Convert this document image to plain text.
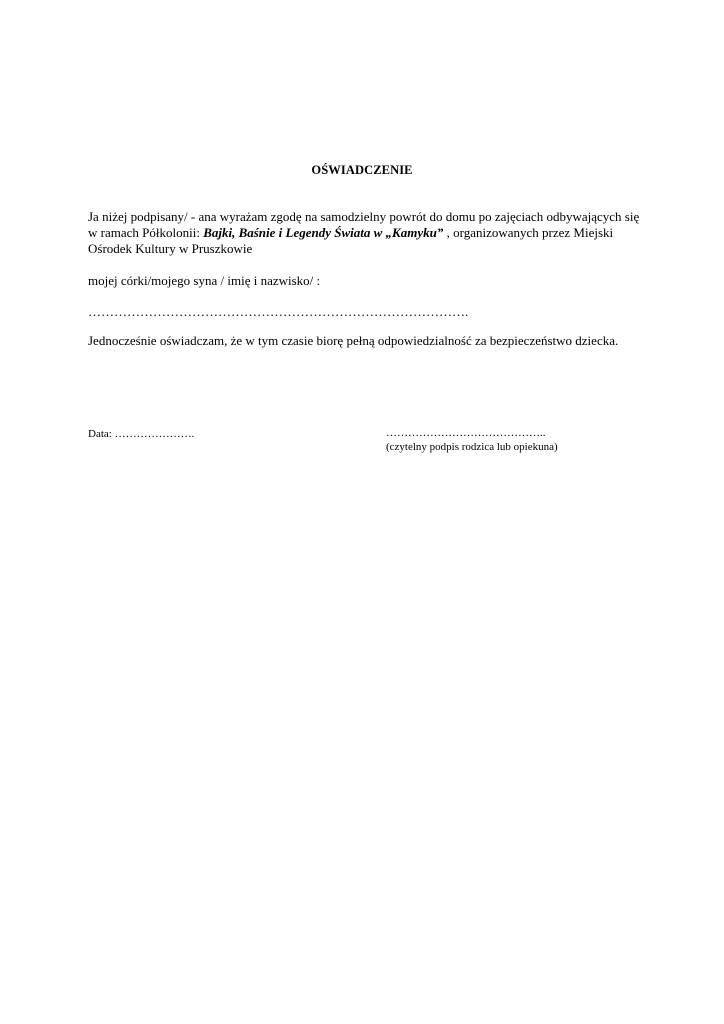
OŚWIADCZENIE
Ja niżej podpisany/ - ana wyrażam zgodę na samodzielny powrót do domu po zajęciach odbywających się w ramach Półkolonii: Bajki, Baśnie i Legendy Świata w „Kamyku” , organizowanych przez Miejski Ośrodek Kultury w Pruszkowie
mojej córki/mojego syna / imię i nazwisko/ :
…………………………………………………………………………….
Jednocześnie oświadczam, że w tym czasie biorę pełną odpowiedzialność za bezpieczeństwo dziecka.
Data: ………………….	……………………………………..
(czytelny podpis rodzica lub opiekuna)
